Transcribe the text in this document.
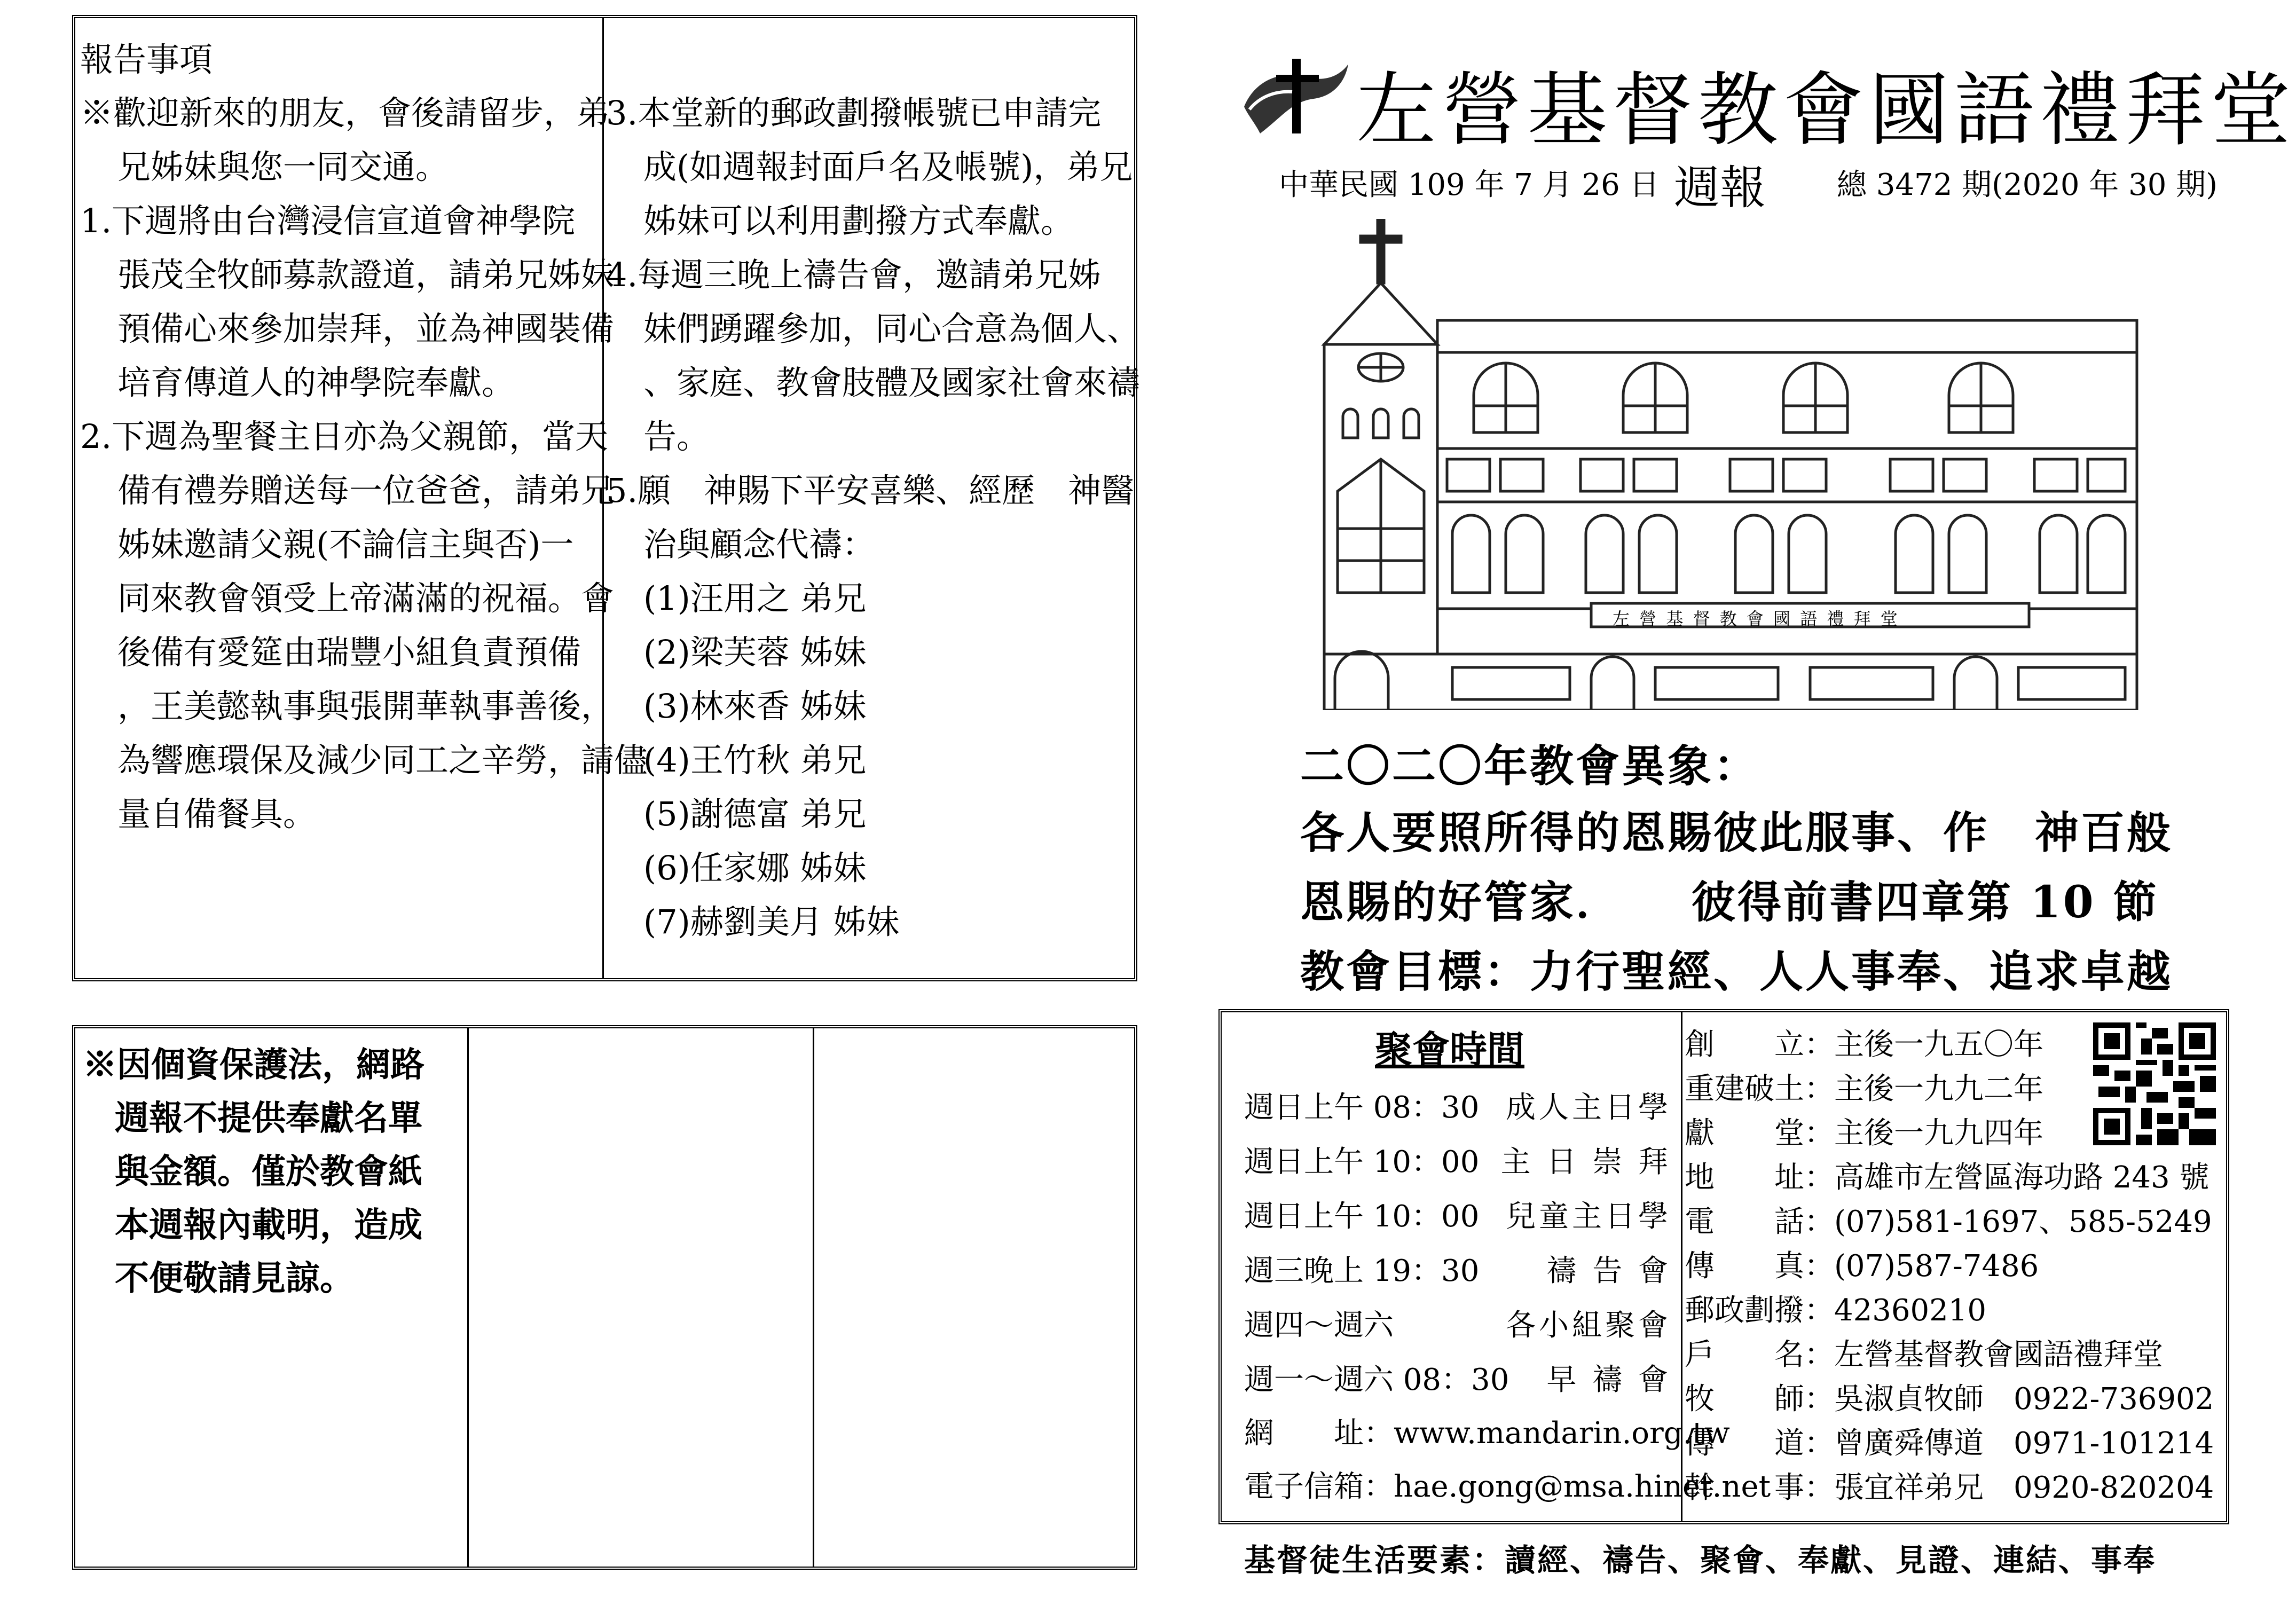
報告事項
※歡迎新來的朋友，會後請留步，弟
兄姊妹與您一同交通。
1.下週將由台灣浸信宣道會神學院
張茂全牧師募款證道，請弟兄姊妹
預備心來參加崇拜，並為神國裝備
培育傳道人的神學院奉獻。
2.下週為聖餐主日亦為父親節，當天
備有禮券贈送每一位爸爸，請弟兄
姊妹邀請父親(不論信主與否)一
同來教會領受上帝滿滿的祝福。會
後備有愛筵由瑞豐小組負責預備
，王美懿執事與張開華執事善後，
為響應環保及減少同工之辛勞，請儘
量自備餐具。
3.本堂新的郵政劃撥帳號已申請完
成(如週報封面戶名及帳號)，弟兄
姊妹可以利用劃撥方式奉獻。
4.每週三晚上禱告會，邀請弟兄姊
妹們踴躍參加，同心合意為個人、
、家庭、教會肢體及國家社會來禱
告。
5.願　神賜下平安喜樂、經歷　神醫
治與顧念代禱：
(1)汪用之 弟兄
(2)梁芙蓉 姊妹
(3)林來香 姊妹
(4)王竹秋 弟兄
(5)謝德富 弟兄
(6)任家娜 姊妹
(7)赫劉美月 姊妹
※因個資保護法，網路
週報不提供奉獻名單
與金額。僅於教會紙
本週報內載明，造成
不便敬請見諒。
左營基督教會國語禮拜堂
中華民國 109 年 7 月 26 日 週報 總 3472 期(2020 年 30 期)
左 營 基 督 教 會 國 語 禮 拜 堂
二〇二〇年教會異象：
各人要照所得的恩賜彼此服事、作　神百般
恩賜的好管家．　　彼得前書四章第 10 節
教會目標：力行聖經、人人事奉、追求卓越
聚會時間
週日上午 08：30 成人主日學
週日上午 10：00 主 日 崇 拜
週日上午 10：00 兒童主日學
週三晚上 19：30 禱 告 會
週四～週六	各小組聚會
週一～週六 08：30 早 禱 會
網　　址：www.mandarin.org.tw
電子信箱：hae.gong@msa.hinet.net
創　　立：主後一九五〇年
重建破土：主後一九九二年
獻　　堂：主後一九九四年
地　　址：高雄市左營區海功路 243 號
電　　話：(07)581-1697、585-5249
傳　　真：(07)587-7486
郵政劃撥：42360210
戶　　名：左營基督教會國語禮拜堂
牧　　師：吳淑貞牧師　0922-736902
傳　　道：曾廣舜傳道　0971-101214
幹　　事：張宜祥弟兄　0920-820204
基督徒生活要素：讀經、禱告、聚會、奉獻、見證、連結、事奉
